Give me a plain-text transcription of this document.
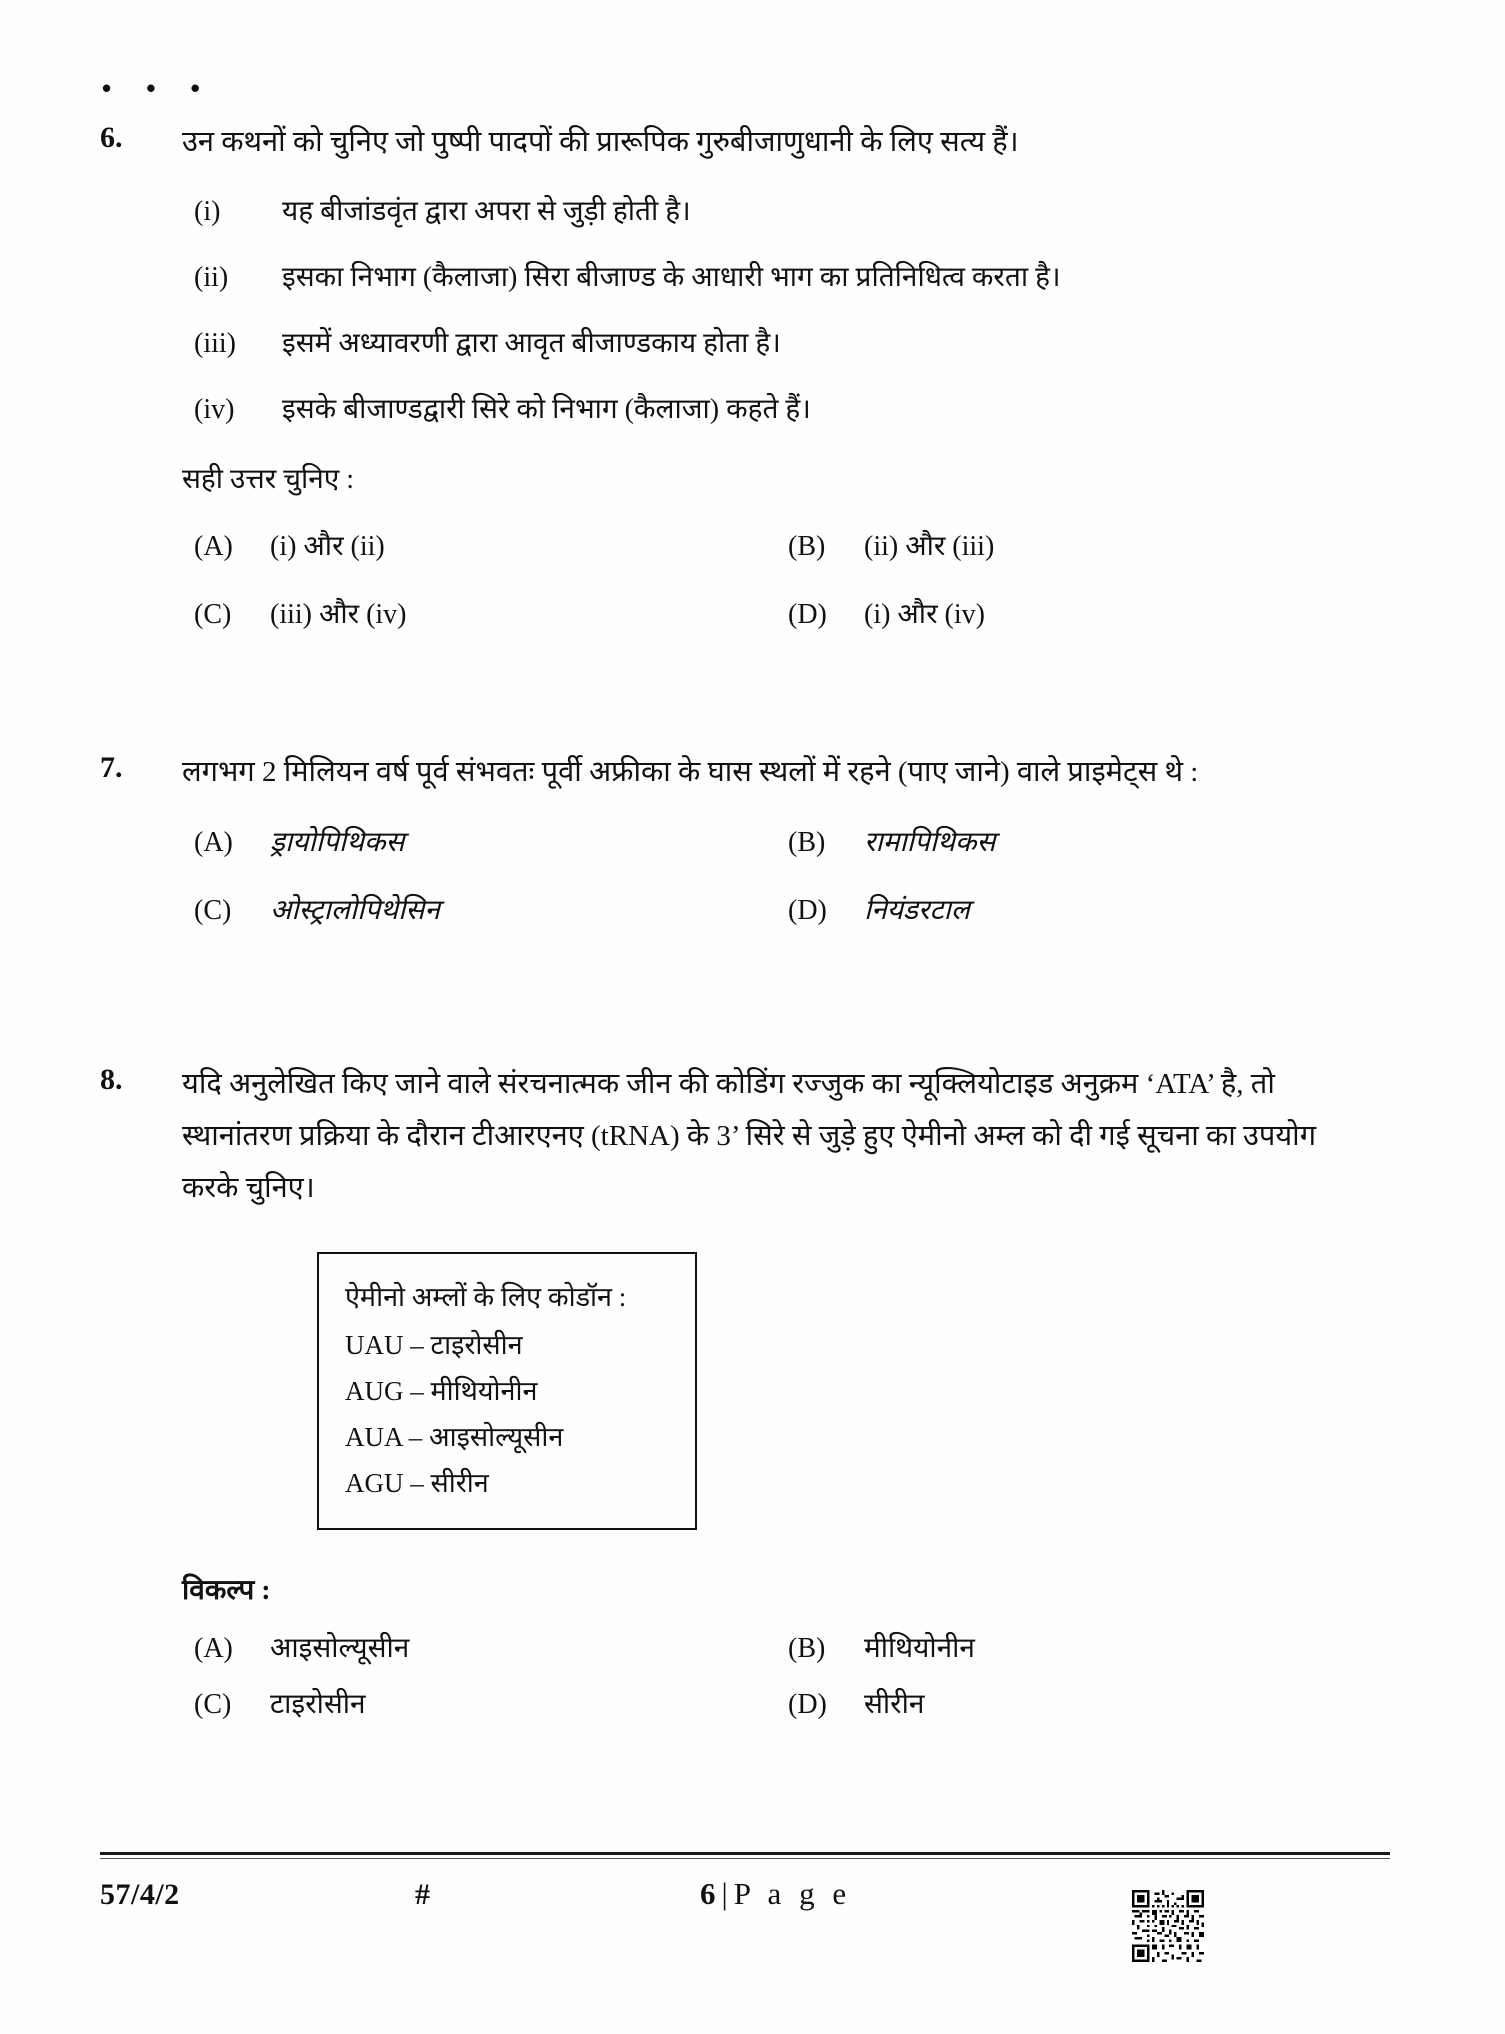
• • •
6.	उन कथनों को चुनिए जो पुष्पी पादपों की प्रारूपिक गुरुबीजाणुधानी के लिए सत्य हैं।
(i)	यह बीजांडवृंत द्वारा अपरा से जुड़ी होती है।
(ii)	इसका निभाग (कैलाजा) सिरा बीजाण्ड के आधारी भाग का प्रतिनिधित्व करता है।
(iii)	इसमें अध्यावरणी द्वारा आवृत बीजाण्डकाय होता है।
(iv)	इसके बीजाण्डद्वारी सिरे को निभाग (कैलाजा) कहते हैं।
सही उत्तर चुनिए :
(A)	(i) और (ii)	(B)	(ii) और (iii)
(C)	(iii) और (iv)	(D)	(i) और (iv)
7.	लगभग 2 मिलियन वर्ष पूर्व संभवतः पूर्वी अफ्रीका के घास स्थलों में रहने (पाए जाने) वाले प्राइमेट्स थे :
(A)	ड्रायोपिथिकस	(B)	रामापिथिकस
(C)	ओस्ट्रालोपिथेसिन	(D)	नियंडरटाल
8.	यदि अनुलेखित किए जाने वाले संरचनात्मक जीन की कोडिंग रज्जुक का न्यूक्लियोटाइड अनुक्रम ‘ATA’ है, तो स्थानांतरण प्रक्रिया के दौरान टीआरएनए (tRNA) के 3’ सिरे से जुड़े हुए ऐमीनो अम्ल को दी गई सूचना का उपयोग करके चुनिए।
ऐमीनो अम्लों के लिए कोडॉन :
UAU – टाइरोसीन
AUG – मीथियोनीन
AUA – आइसोल्यूसीन
AGU – सीरीन
विकल्प :
(A)	आइसोल्यूसीन	(B)	मीथियोनीन
(C)	टाइरोसीन	(D)	सीरीन
57/4/2	#	6 | P a g e
